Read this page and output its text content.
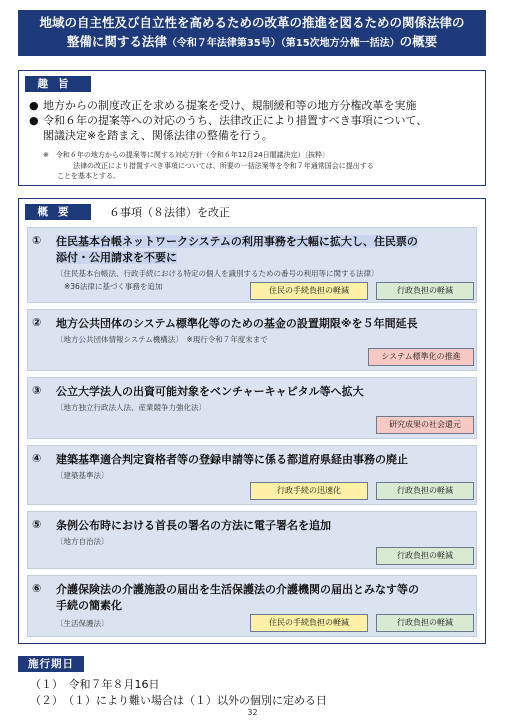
地域の自主性及び自立性を高めるための改革の推進を図るための関係法律の
整備に関する法律（令和７年法律第35号）（第15次地方分権一括法）の概要
趣旨
● 地方からの制度改正を求める提案を受け、規制緩和等の地方分権改革を実施
● 令和６年の提案等への対応のうち、法律改正により措置すべき事項について、
閣議決定※を踏まえ、関係法律の整備を行う。
※　令和６年の地方からの提案等に関する対応方針（令和６年12月24日閣議決定）〔抜粋〕
法律の改正により措置すべき事項については、所要の一括法案等を令和７年通常国会に提出する
ことを基本とする。
概要	６事項（８法律）を改正
① 住民基本台帳ネットワークシステムの利用事務を大幅に拡大し、住民票の
添付・公用請求を不要に
〔住民基本台帳法、行政手続における特定の個人を識別するための番号の利用等に関する法律〕
※36法律に基づく事務を追加	住民の手続負担の軽減	行政負担の軽減
② 地方公共団体のシステム標準化等のための基金の設置期限※を５年間延長
〔地方公共団体情報システム機構法〕　※現行令和７年度末まで
システム標準化の推進
③ 公立大学法人の出資可能対象をベンチャーキャピタル等へ拡大
〔地方独立行政法人法、産業競争力強化法〕
研究成果の社会還元
④ 建築基準適合判定資格者等の登録申請等に係る都道府県経由事務の廃止
〔建築基準法〕
行政手続の迅速化	行政負担の軽減
⑤ 条例公布時における首長の署名の方法に電子署名を追加
〔地方自治法〕
行政負担の軽減
⑥ 介護保険法の介護施設の届出を生活保護法の介護機関の届出とみなす等の
手続の簡素化
〔生活保護法〕	住民の手続負担の軽減	行政負担の軽減
施行期日
（１）　令和７年８月16日
（２）　（１）により難い場合は（１）以外の個別に定める日
32
